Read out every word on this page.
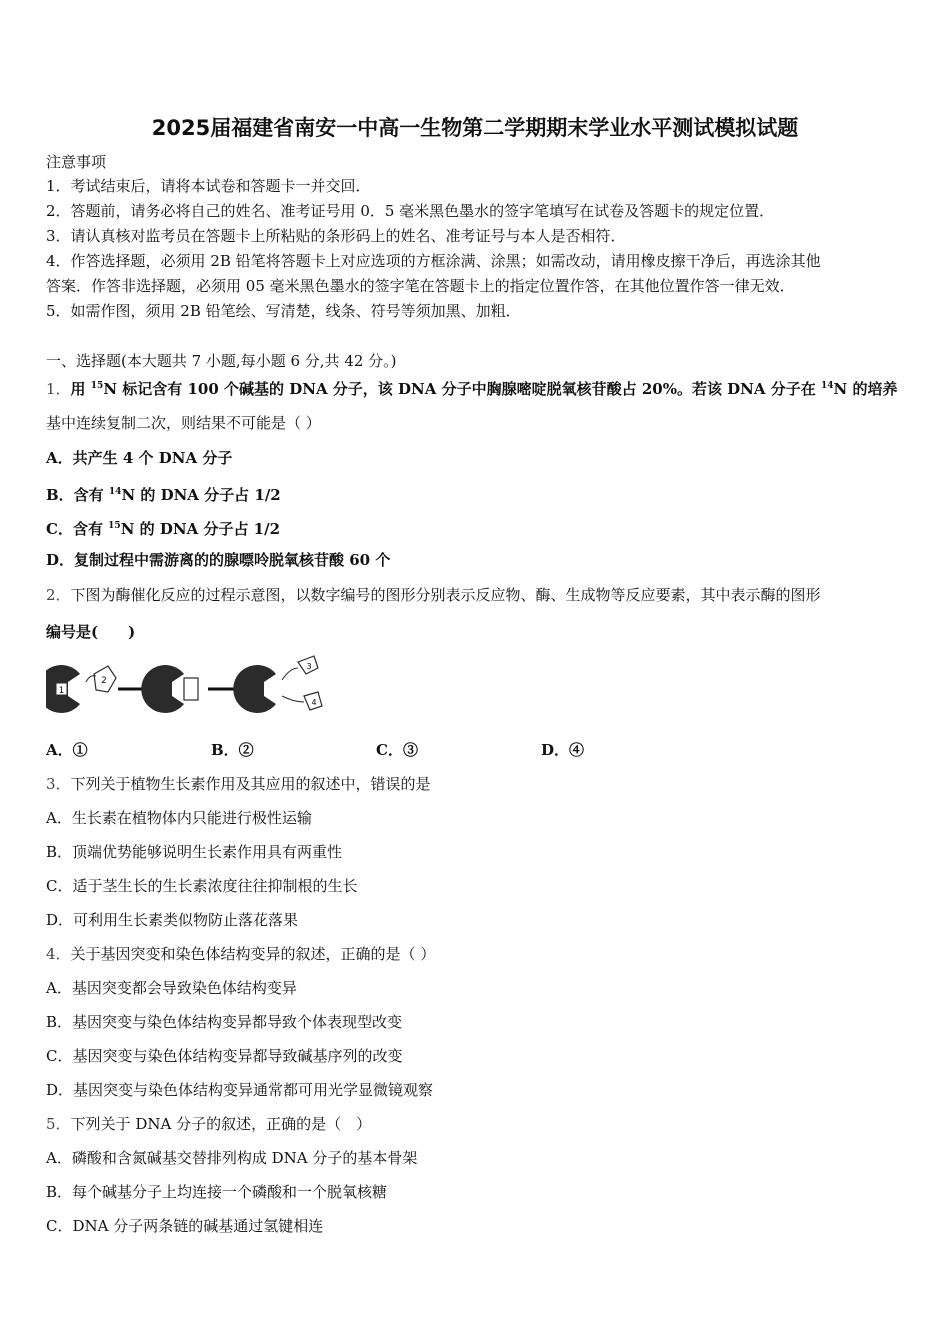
2025届福建省南安一中高一生物第二学期期末学业水平测试模拟试题
注意事项
1．考试结束后，请将本试卷和答题卡一并交回．
2．答题前，请务必将自己的姓名、准考证号用 0．5 毫米黑色墨水的签字笔填写在试卷及答题卡的规定位置．
3．请认真核对监考员在答题卡上所粘贴的条形码上的姓名、准考证号与本人是否相符．
4．作答选择题，必须用 2B 铅笔将答题卡上对应选项的方框涂满、涂黑；如需改动，请用橡皮擦干净后，再选涂其他
答案．作答非选择题，必须用 05 毫米黑色墨水的签字笔在答题卡上的指定位置作答，在其他位置作答一律无效．
5．如需作图，须用 2B 铅笔绘、写清楚，线条、符号等须加黑、加粗．
一、选择题(本大题共 7 小题,每小题 6 分,共 42 分。)
1．用 $^{15}$N 标记含有 100 个碱基的 DNA 分子，该 DNA 分子中胸腺嘧啶脱氧核苷酸占 20%。若该 DNA 分子在 $^{14}$N 的培养
基中连续复制二次，则结果不可能是（ ）
A．共产生 4 个 DNA 分子
B．含有 $^{14}$N 的 DNA 分子占 1/2
C．含有 $^{15}$N 的 DNA 分子占 1/2
D．复制过程中需游离的的腺嘌呤脱氧核苷酸 60 个
2．下图为酶催化反应的过程示意图，以数字编号的图形分别表示反应物、酶、生成物等反应要素，其中表示酶的图形
编号是(　　)
1
2
3
4
A．①	B．②	C．③	D．④
3．下列关于植物生长素作用及其应用的叙述中，错误的是
A．生长素在植物体内只能进行极性运输
B．顶端优势能够说明生长素作用具有两重性
C．适于茎生长的生长素浓度往往抑制根的生长
D．可利用生长素类似物防止落花落果
4．关于基因突变和染色体结构变异的叙述，正确的是（ ）
A．基因突变都会导致染色体结构变异
B．基因突变与染色体结构变异都导致个体表现型改变
C．基因突变与染色体结构变异都导致碱基序列的改变
D．基因突变与染色体结构变异通常都可用光学显微镜观察
5．下列关于 DNA 分子的叙述，正确的是（　）
A．磷酸和含氮碱基交替排列构成 DNA 分子的基本骨架
B．每个碱基分子上均连接一个磷酸和一个脱氧核糖
C．DNA 分子两条链的碱基通过氢键相连
